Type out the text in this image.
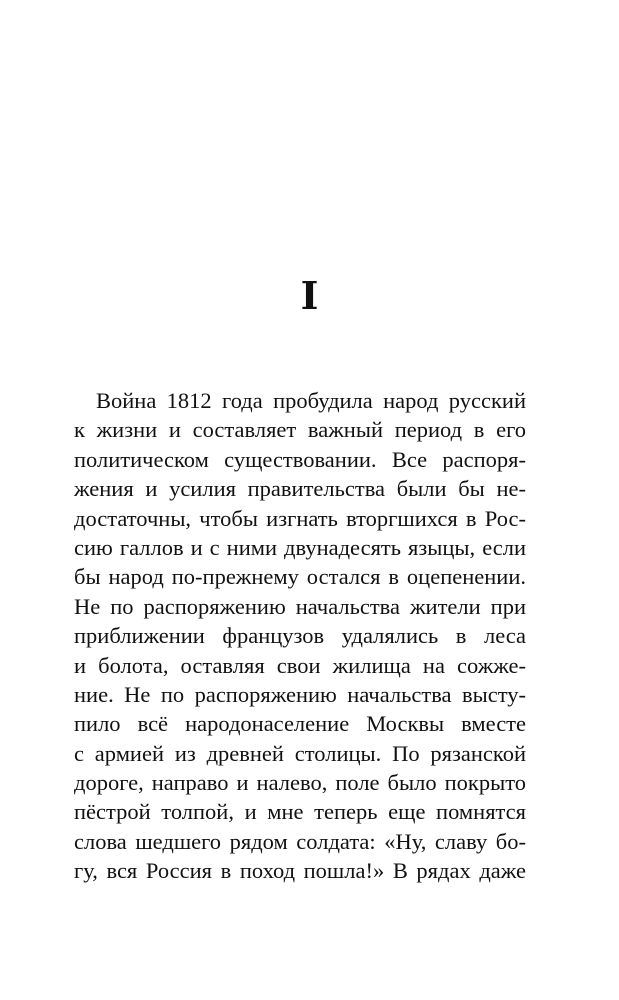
I
Война 1812 года пробудила народ русский
к жизни и составляет важный период в его
политическом существовании. Все распоря-
жения и усилия правительства были бы не-
достаточны, чтобы изгнать вторгшихся в Рос-
сию галлов и с ними двунадесять языцы, если
бы народ по-прежнему остался в оцепенении.
Не по распоряжению начальства жители при
приближении французов удалялись в леса
и болота, оставляя свои жилища на сожже-
ние. Не по распоряжению начальства высту-
пило всё народонаселение Москвы вместе
с армией из древней столицы. По рязанской
дороге, направо и налево, поле было покрыто
пёстрой толпой, и мне теперь еще помнятся
слова шедшего рядом солдата: «Ну, славу бо-
гу, вся Россия в поход пошла!» В рядах даже
